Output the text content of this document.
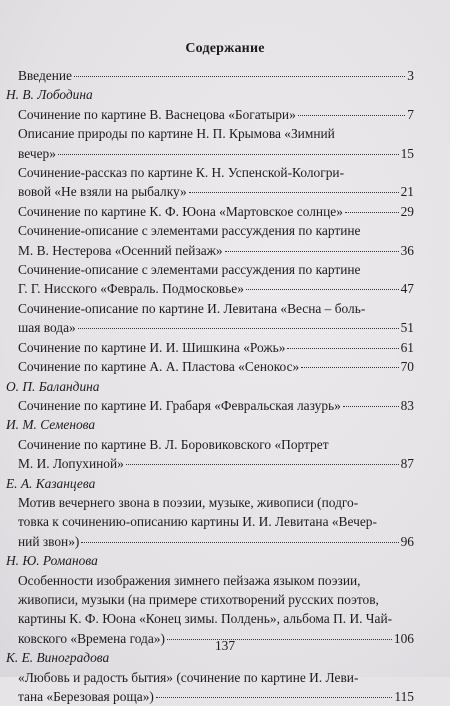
Содержание
Введение	3
Н. В. Лободина
Сочинение по картине В. Васнецова «Богатыри»	7
Описание природы по картине Н. П. Крымова «Зимний
вечер»	15
Сочинение-рассказ по картине К. Н. Успенской-Кологри-
вовой «Не взяли на рыбалку»	21
Сочинение по картине К. Ф. Юона «Мартовское солнце»	29
Сочинение-описание с элементами рассуждения по картине
М. В. Нестерова «Осенний пейзаж»	36
Сочинение-описание с элементами рассуждения по картине
Г. Г. Нисского «Февраль. Подмосковье»	47
Сочинение-описание по картине И. Левитана «Весна – боль-
шая вода»	51
Сочинение по картине И. И. Шишкина «Рожь»	61
Сочинение по картине А. А. Пластова «Сенокос»	70
О. П. Баландина
Сочинение по картине И. Грабаря «Февральская лазурь»	83
И. М. Семенова
Сочинение по картине В. Л. Боровиковского «Портрет
М. И. Лопухиной»	87
Е. А. Казанцева
Мотив вечернего звона в поэзии, музыке, живописи (подго-
товка к сочинению-описанию картины И. И. Левитана «Вечер-
ний звон»)	96
Н. Ю. Романова
Особенности изображения зимнего пейзажа языком поэзии,
живописи, музыки (на примере стихотворений русских поэтов,
картины К. Ф. Юона «Конец зимы. Полдень», альбома П. И. Чай-
ковского «Времена года»)	106
К. Е. Виноградова
«Любовь и радость бытия» (сочинение по картине И. Леви-
тана «Березовая роща»)	115
137
